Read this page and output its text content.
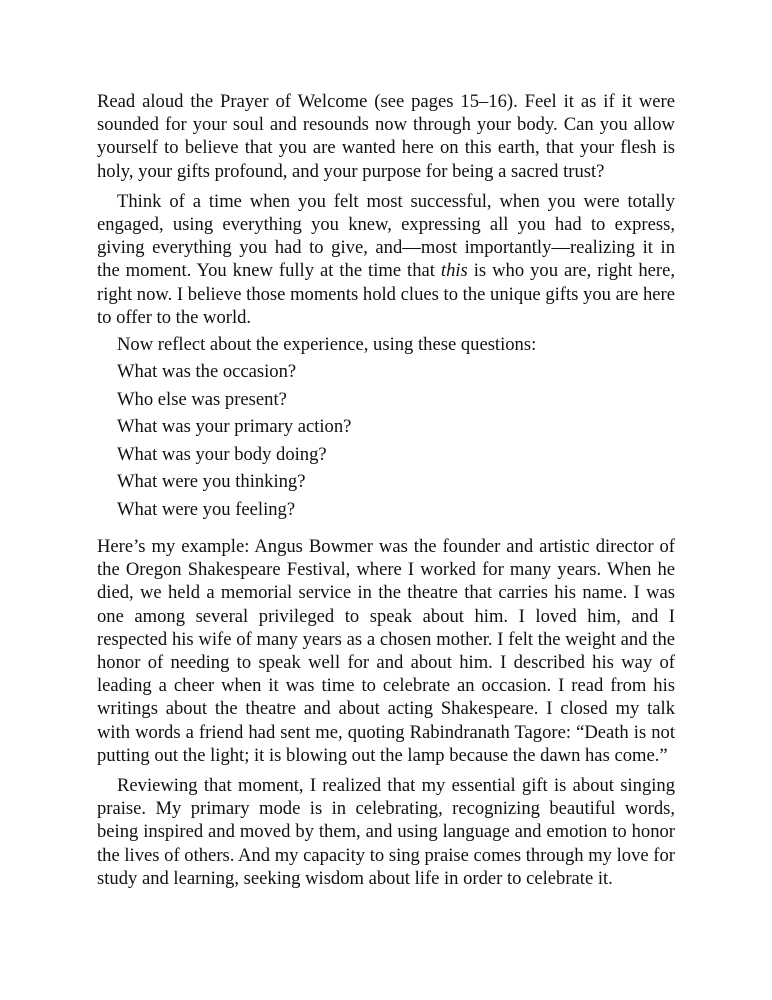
Read aloud the Prayer of Welcome (see pages 15–16). Feel it as if it were sounded for your soul and resounds now through your body. Can you allow yourself to believe that you are wanted here on this earth, that your flesh is holy, your gifts profound, and your purpose for being a sacred trust?

Think of a time when you felt most successful, when you were totally engaged, using everything you knew, expressing all you had to express, giving everything you had to give, and—most importantly—realizing it in the moment. You knew fully at the time that this is who you are, right here, right now. I believe those moments hold clues to the unique gifts you are here to offer to the world.

Now reflect about the experience, using these questions:

What was the occasion?
Who else was present?
What was your primary action?
What was your body doing?
What were you thinking?
What were you feeling?

Here’s my example: Angus Bowmer was the founder and artistic director of the Oregon Shakespeare Festival, where I worked for many years. When he died, we held a memorial service in the theatre that carries his name. I was one among several privileged to speak about him. I loved him, and I respected his wife of many years as a chosen mother. I felt the weight and the honor of needing to speak well for and about him. I described his way of leading a cheer when it was time to celebrate an occasion. I read from his writings about the theatre and about acting Shakespeare. I closed my talk with words a friend had sent me, quoting Rabindranath Tagore: “Death is not putting out the light; it is blowing out the lamp because the dawn has come.”

Reviewing that moment, I realized that my essential gift is about singing praise. My primary mode is in celebrating, recognizing beautiful words, being inspired and moved by them, and using language and emotion to honor the lives of others. And my capacity to sing praise comes through my love for study and learning, seeking wisdom about life in order to celebrate it.
